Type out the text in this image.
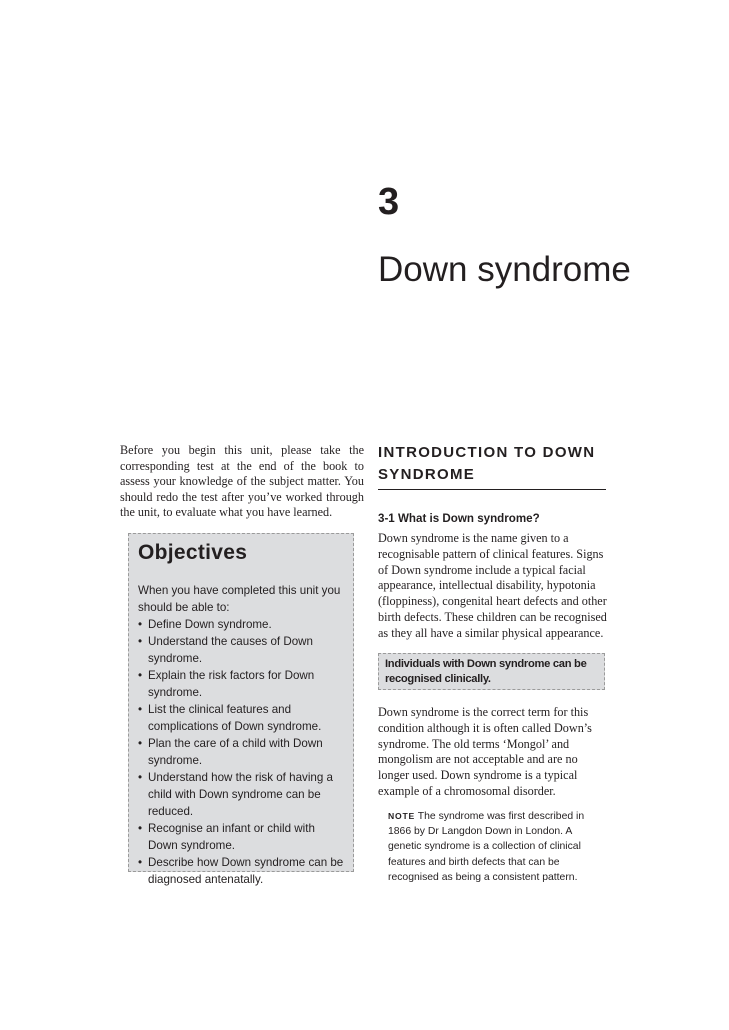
3
Down syndrome

Before you begin this unit, please take the corresponding test at the end of the book to assess your knowledge of the subject matter. You should redo the test after you’ve worked through the unit, to evaluate what you have learned.

Objectives

When you have completed this unit you should be able to:

• Define Down syndrome.
• Understand the causes of Down syndrome.
• Explain the risk factors for Down syndrome.
• List the clinical features and complications of Down syndrome.
• Plan the care of a child with Down syndrome.
• Understand how the risk of having a child with Down syndrome can be reduced.
• Recognise an infant or child with Down syndrome.
• Describe how Down syndrome can be diagnosed antenatally.
INTRODUCTION TO DOWN SYNDROME
3-1 What is Down syndrome?

Down syndrome is the name given to a recognisable pattern of clinical features. Signs of Down syndrome include a typical facial appearance, intellectual disability, hypotonia (floppiness), congenital heart defects and other birth defects. These children can be recognised as they all have a similar physical appearance.

Individuals with Down syndrome can be recognised clinically.

Down syndrome is the correct term for this condition although it is often called Down’s syndrome. The old terms ‘Mongol’ and mongolism are not acceptable and are no longer used. Down syndrome is a typical example of a chromosomal disorder.

NOTE The syndrome was first described in 1866 by Dr Langdon Down in London. A genetic syndrome is a collection of clinical features and birth defects that can be recognised as being a consistent pattern.
